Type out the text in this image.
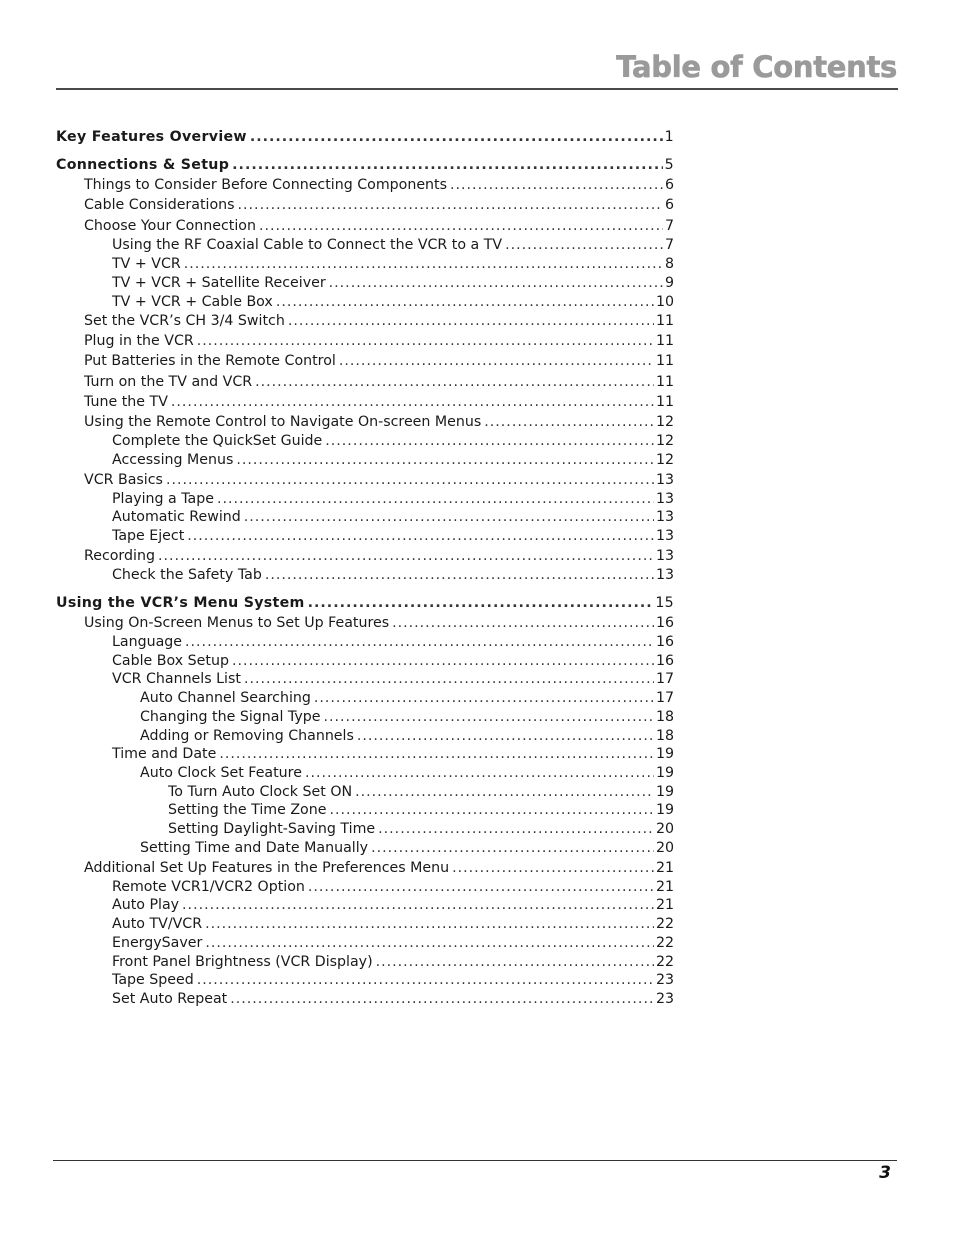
Table of Contents
Key Features Overview .....	1
Connections & Setup .....	5
Things to Consider Before Connecting Components .....	6
Cable Considerations .....	6
Choose Your Connection .....	7
Using the RF Coaxial Cable to Connect the VCR to a TV .....	7
TV + VCR .....	8
TV + VCR + Satellite Receiver .....	9
TV + VCR + Cable Box .....	10
Set the VCR’s CH 3/4 Switch .....	11
Plug in the VCR .....	11
Put Batteries in the Remote Control .....	11
Turn on the TV and VCR .....	11
Tune the TV .....	11
Using the Remote Control to Navigate On-screen Menus .....	12
Complete the QuickSet Guide .....	12
Accessing Menus .....	12
VCR Basics .....	13
Playing a Tape .....	13
Automatic Rewind .....	13
Tape Eject .....	13
Recording .....	13
Check the Safety Tab .....	13
Using the VCR’s Menu System .....	15
Using On-Screen Menus to Set Up Features .....	16
Language .....	16
Cable Box Setup .....	16
VCR Channels List .....	17
Auto Channel Searching .....	17
Changing the Signal Type .....	18
Adding or Removing Channels .....	18
Time and Date .....	19
Auto Clock Set Feature .....	19
To Turn Auto Clock Set ON .....	19
Setting the Time Zone .....	19
Setting Daylight-Saving Time .....	20
Setting Time and Date Manually .....	20
Additional Set Up Features in the Preferences Menu .....	21
Remote VCR1/VCR2 Option .....	21
Auto Play .....	21
Auto TV/VCR .....	22
EnergySaver .....	22
Front Panel Brightness (VCR Display) .....	22
Tape Speed .....	23
Set Auto Repeat .....	23
3
